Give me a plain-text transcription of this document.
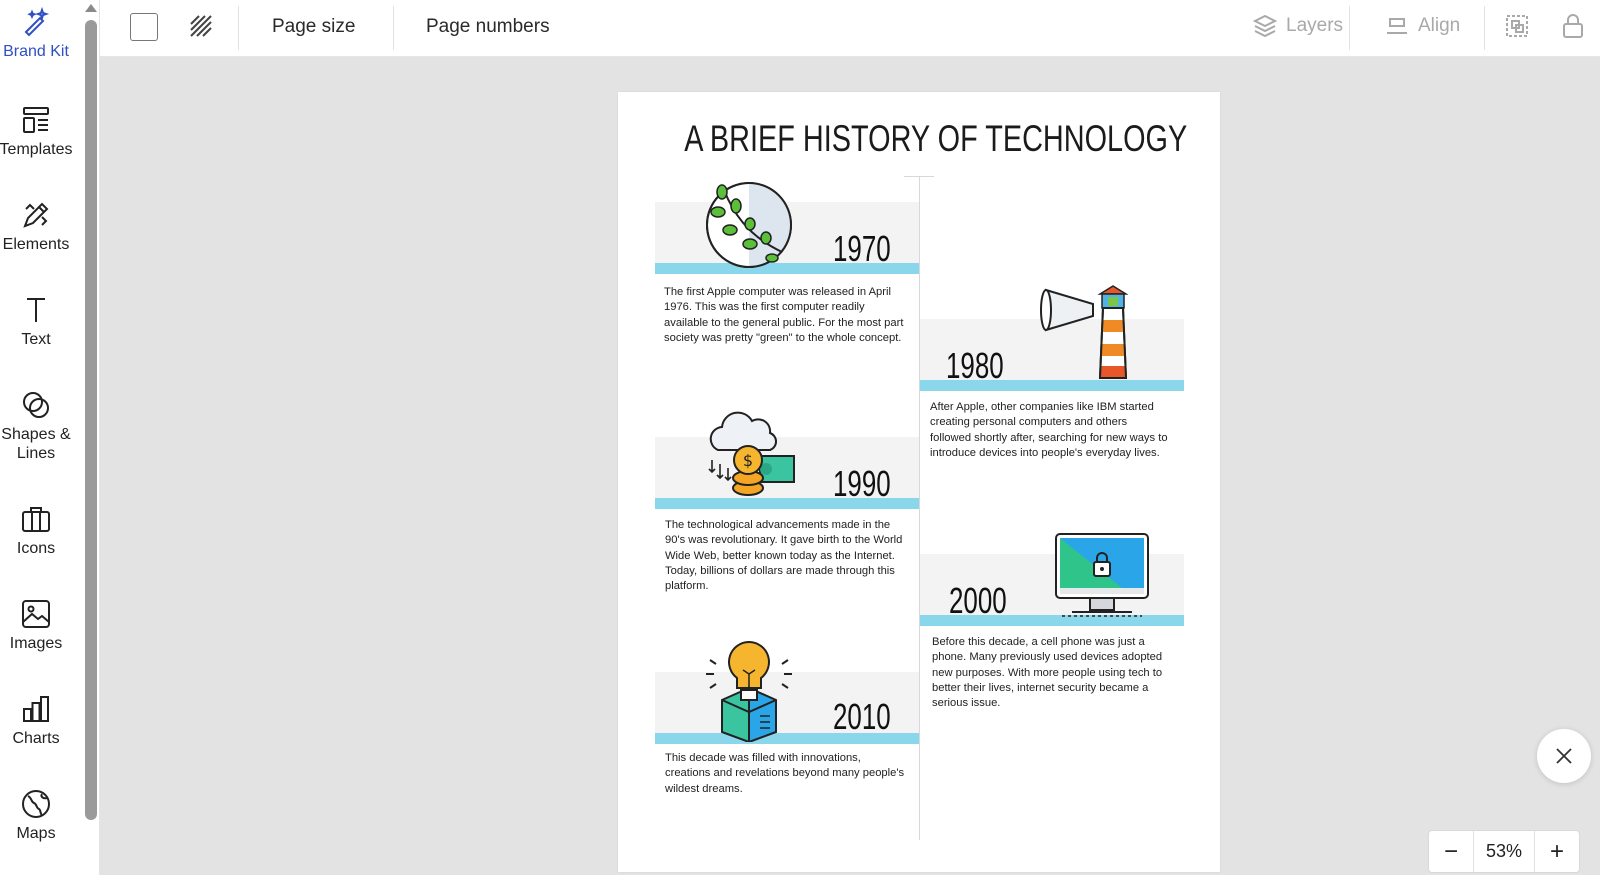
Brand Kit
Templates
Elements
Text
Shapes &
Lines
Icons
Images
Charts
Maps
Page size	Page numbers	Layers	Align
A BRIEF HISTORY OF TECHNOLOGY
1970
The first Apple computer was released in April 1976. This was the first computer readily available to the general public. For the most part society was pretty "green" to the whole concept.
1980
After Apple, other companies like IBM started creating personal computers and others followed shortly after, searching for new ways to introduce devices into people's everyday lives.
$
1990
The technological advancements made in the 90's was revolutionary. It gave birth to the World Wide Web, better known today as the Internet. Today, billions of dollars are made through this platform.	2000
Before this decade, a cell phone was just a phone. Many previously used devices adopted new purposes. With more people using tech to better their lives, internet security became a serious issue.
2010
This decade was filled with innovations, creations and revelations beyond many people's wildest dreams.
−	53%	+
